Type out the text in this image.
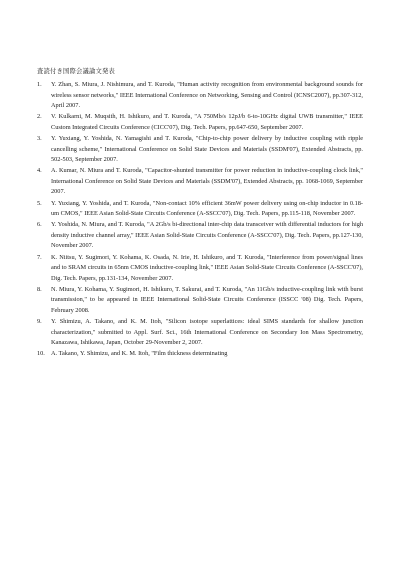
査読付き国際会議論文発表
1. Y. Zhan, S. Miura, J. Nishimura, and T. Kuroda, "Human activity recognition from environmental background sounds for wireless sensor networks," IEEE International Conference on Networking, Sensing and Control (ICNSC2007), pp.307-312, April 2007.
2. V. Kulkarni, M. Muqsith, H. Ishikuro, and T. Kuroda, "A 750Mb/s 12pJ/b 6-to-10GHz digital UWB transmitter," IEEE Custom Integrated Circuits Conference (CICC'07), Dig. Tech. Papers, pp.647-650, September 2007.
3. Y. Yuxiang, Y. Yoshida, N. Yamagishi and T. Kuroda, "Chip-to-chip power delivery by inductive coupling with ripple cancelling scheme," International Conference on Solid State Devices and Materials (SSDM'07), Extended Abstracts, pp. 502-503, September 2007.
4. A. Kumar, N. Miura and T. Kuroda, "Capacitor-shunted transmitter for power reduction in inductive-coupling clock link," International Conference on Solid State Devices and Materials (SSDM'07), Extended Abstracts, pp. 1068-1069, September 2007.
5. Y. Yuxiang, Y. Yoshida, and T. Kuroda, "Non-contact 10% efficient 36mW power delivery using on-chip inductor in 0.18-um CMOS," IEEE Asian Solid-State Circuits Conference (A-SSCC'07), Dig. Tech. Papers, pp.115-118, November 2007.
6. Y. Yoshida, N. Miura, and T. Kuroda, "A 2Gb/s bi-directional inter-chip data transceiver with differential inductors for high density inductive channel array," IEEE Asian Solid-State Circuits Conference (A-SSCC'07), Dig. Tech. Papers, pp.127-130, November 2007.
7. K. Niitsu, Y. Sugimori, Y. Kohama, K. Osada, N. Irie, H. Ishikuro, and T. Kuroda, "Interference from power/signal lines and to SRAM circuits in 65nm CMOS inductive-coupling link," IEEE Asian Solid-State Circuits Conference (A-SSCC'07), Dig. Tech. Papers, pp.131-134, November 2007.
8. N. Miura, Y. Kohama, Y. Sugimori, H. Ishikuro, T. Sakurai, and T. Kuroda, "An 11Gb/s inductive-coupling link with burst transmission," to be appeared in IEEE International Solid-State Circuits Conference (ISSCC '08) Dig. Tech. Papers, February 2008.
9. Y. Shimizu, A. Takano, and K. M. Itoh, "Silicon isotope superlattices: ideal SIMS standards for shallow junction characterization," submitted to Appl. Surf. Sci., 16th International Conference on Secondary Ion Mass Spectrometry, Kanazawa, Ishikawa, Japan, October 29-November 2, 2007.
10. A. Takano, Y. Shimizu, and K. M. Itoh, "Film thickness determinating
